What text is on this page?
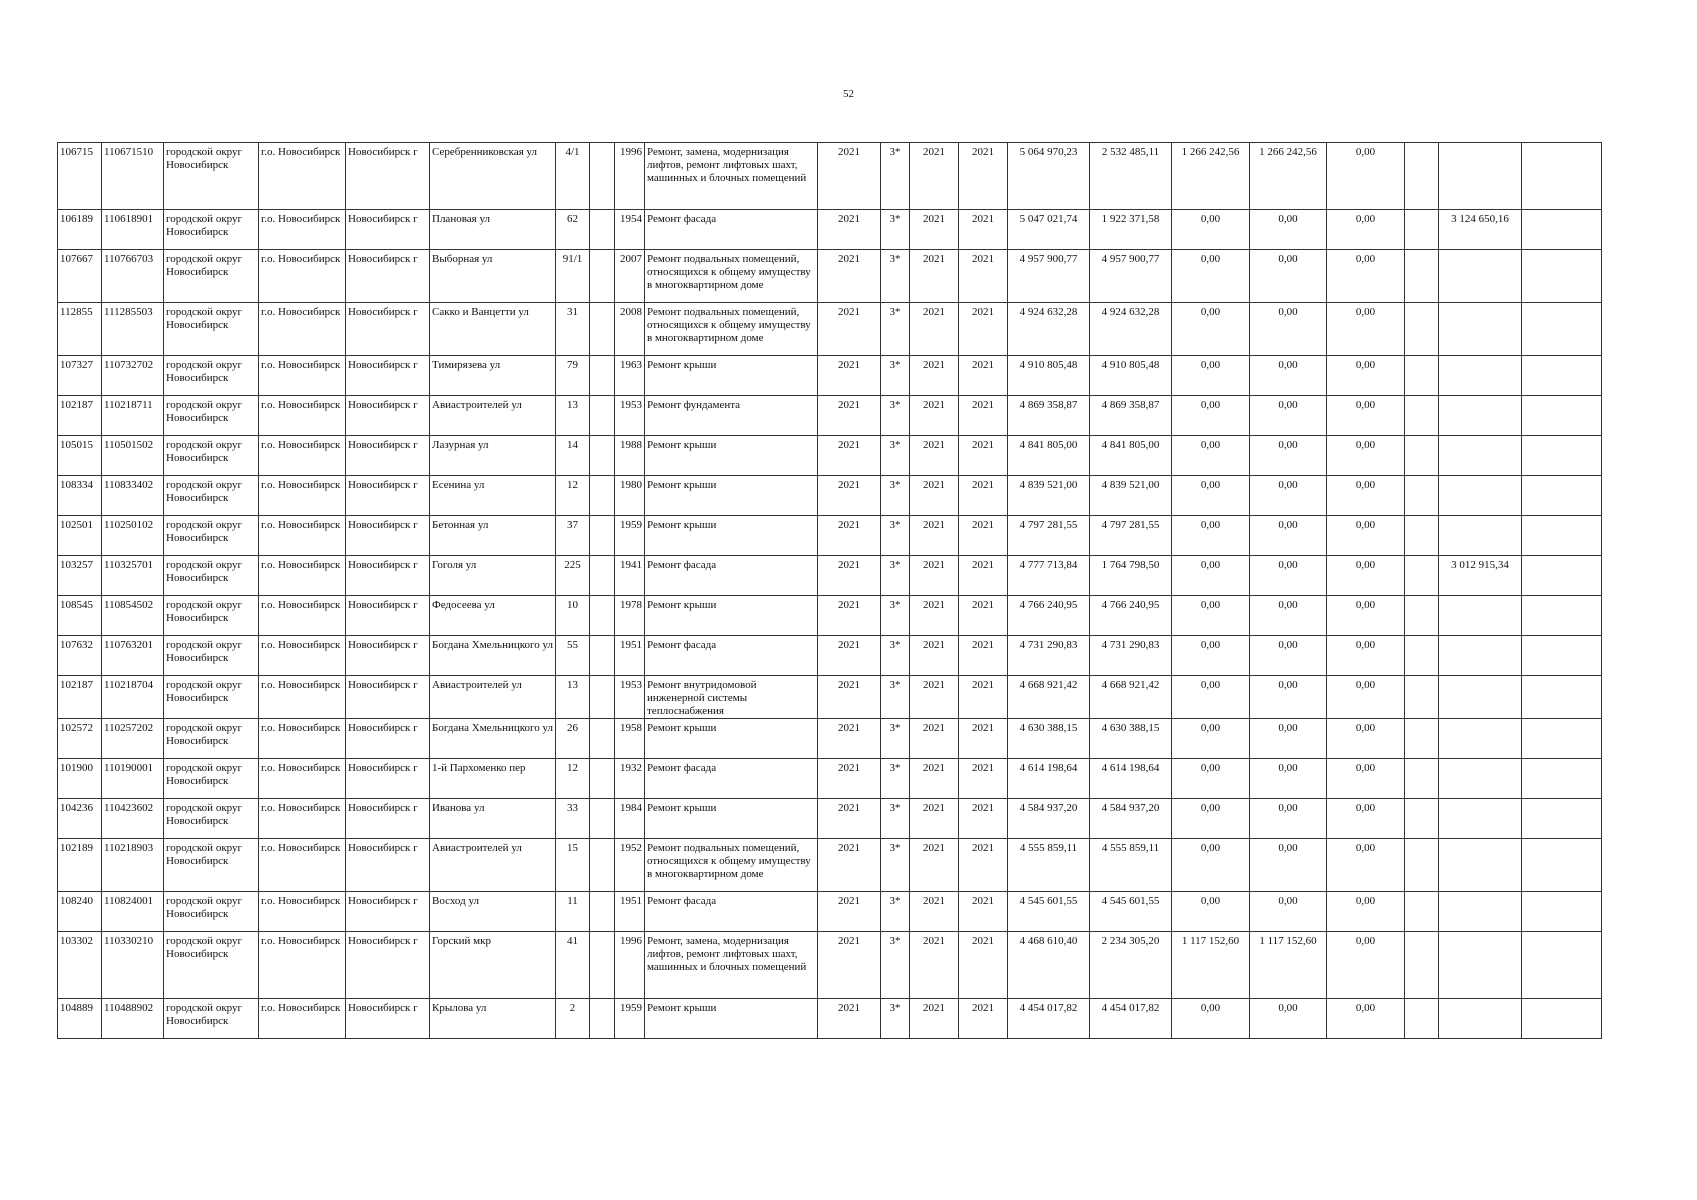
52
106715	110671510	городской округ Новосибирск	г.о. Новосибирск	Новосибирск г	Серебренниковская ул	4/1		1996	Ремонт, замена, модернизация лифтов, ремонт лифтовых шахт, машинных и блочных помещений	2021	3*	2021	2021	5 064 970,23	2 532 485,11	1 266 242,56	1 266 242,56	0,00			
106189	110618901	городской округ Новосибирск	г.о. Новосибирск	Новосибирск г	Плановая ул	62		1954	Ремонт фасада	2021	3*	2021	2021	5 047 021,74	1 922 371,58	0,00	0,00	0,00		3 124 650,16	
107667	110766703	городской округ Новосибирск	г.о. Новосибирск	Новосибирск г	Выборная ул	91/1		2007	Ремонт подвальных помещений, относящихся к общему имуществу в многоквартирном доме	2021	3*	2021	2021	4 957 900,77	4 957 900,77	0,00	0,00	0,00			
112855	111285503	городской округ Новосибирск	г.о. Новосибирск	Новосибирск г	Сакко и Ванцетти ул	31		2008	Ремонт подвальных помещений, относящихся к общему имуществу в многоквартирном доме	2021	3*	2021	2021	4 924 632,28	4 924 632,28	0,00	0,00	0,00			
107327	110732702	городской округ Новосибирск	г.о. Новосибирск	Новосибирск г	Тимирязева ул	79		1963	Ремонт крыши	2021	3*	2021	2021	4 910 805,48	4 910 805,48	0,00	0,00	0,00			
102187	110218711	городской округ Новосибирск	г.о. Новосибирск	Новосибирск г	Авиастроителей ул	13		1953	Ремонт фундамента	2021	3*	2021	2021	4 869 358,87	4 869 358,87	0,00	0,00	0,00			
105015	110501502	городской округ Новосибирск	г.о. Новосибирск	Новосибирск г	Лазурная ул	14		1988	Ремонт крыши	2021	3*	2021	2021	4 841 805,00	4 841 805,00	0,00	0,00	0,00			
108334	110833402	городской округ Новосибирск	г.о. Новосибирск	Новосибирск г	Есенина ул	12		1980	Ремонт крыши	2021	3*	2021	2021	4 839 521,00	4 839 521,00	0,00	0,00	0,00			
102501	110250102	городской округ Новосибирск	г.о. Новосибирск	Новосибирск г	Бетонная ул	37		1959	Ремонт крыши	2021	3*	2021	2021	4 797 281,55	4 797 281,55	0,00	0,00	0,00			
103257	110325701	городской округ Новосибирск	г.о. Новосибирск	Новосибирск г	Гоголя ул	225		1941	Ремонт фасада	2021	3*	2021	2021	4 777 713,84	1 764 798,50	0,00	0,00	0,00		3 012 915,34	
108545	110854502	городской округ Новосибирск	г.о. Новосибирск	Новосибирск г	Федосеева ул	10		1978	Ремонт крыши	2021	3*	2021	2021	4 766 240,95	4 766 240,95	0,00	0,00	0,00			
107632	110763201	городской округ Новосибирск	г.о. Новосибирск	Новосибирск г	Богдана Хмельницкого ул	55		1951	Ремонт фасада	2021	3*	2021	2021	4 731 290,83	4 731 290,83	0,00	0,00	0,00			
102187	110218704	городской округ Новосибирск	г.о. Новосибирск	Новосибирск г	Авиастроителей ул	13		1953	Ремонт внутридомовой инженерной системы теплоснабжения	2021	3*	2021	2021	4 668 921,42	4 668 921,42	0,00	0,00	0,00			
102572	110257202	городской округ Новосибирск	г.о. Новосибирск	Новосибирск г	Богдана Хмельницкого ул	26		1958	Ремонт крыши	2021	3*	2021	2021	4 630 388,15	4 630 388,15	0,00	0,00	0,00			
101900	110190001	городской округ Новосибирск	г.о. Новосибирск	Новосибирск г	1-й Пархоменко пер	12		1932	Ремонт фасада	2021	3*	2021	2021	4 614 198,64	4 614 198,64	0,00	0,00	0,00			
104236	110423602	городской округ Новосибирск	г.о. Новосибирск	Новосибирск г	Иванова ул	33		1984	Ремонт крыши	2021	3*	2021	2021	4 584 937,20	4 584 937,20	0,00	0,00	0,00			
102189	110218903	городской округ Новосибирск	г.о. Новосибирск	Новосибирск г	Авиастроителей ул	15		1952	Ремонт подвальных помещений, относящихся к общему имуществу в многоквартирном доме	2021	3*	2021	2021	4 555 859,11	4 555 859,11	0,00	0,00	0,00			
108240	110824001	городской округ Новосибирск	г.о. Новосибирск	Новосибирск г	Восход ул	11		1951	Ремонт фасада	2021	3*	2021	2021	4 545 601,55	4 545 601,55	0,00	0,00	0,00			
103302	110330210	городской округ Новосибирск	г.о. Новосибирск	Новосибирск г	Горский мкр	41		1996	Ремонт, замена, модернизация лифтов, ремонт лифтовых шахт, машинных и блочных помещений	2021	3*	2021	2021	4 468 610,40	2 234 305,20	1 117 152,60	1 117 152,60	0,00			
104889	110488902	городской округ Новосибирск	г.о. Новосибирск	Новосибирск г	Крылова ул	2		1959	Ремонт крыши	2021	3*	2021	2021	4 454 017,82	4 454 017,82	0,00	0,00	0,00			
